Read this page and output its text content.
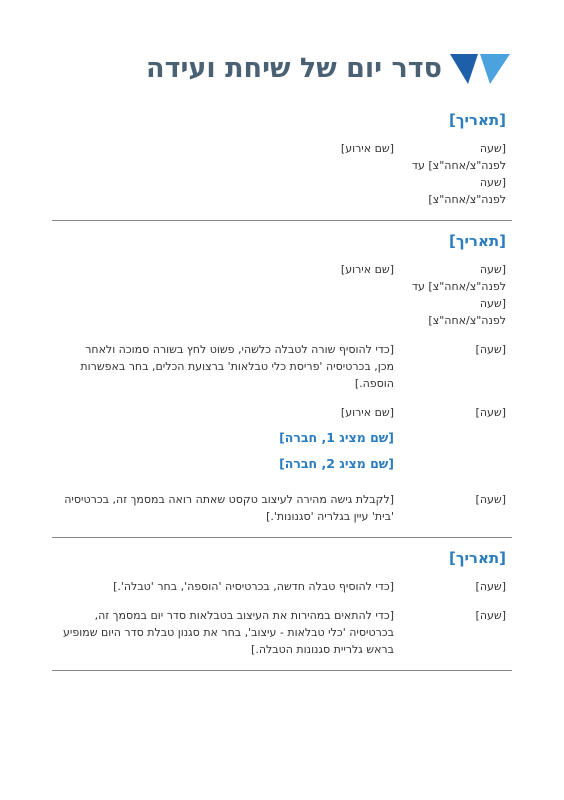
סדר יום של שיחת ועידה
[תאריך]
[שעה לפנה"צ/אחה"צ] עד [שעה לפנה"צ/אחה"צ]
[שם אירוע]
[תאריך]
[שעה לפנה"צ/אחה"צ] עד [שעה לפנה"צ/אחה"צ]
[שם אירוע]
[שעה]
[כדי להוסיף שורה לטבלה כלשהי, פשוט לחץ בשורה סמוכה ולאחר מכן, בכרטיסיה 'פריסת כלי טבלאות' ברצועת הכלים, בחר באפשרות הוספה.]
[שעה]
[שם אירוע]
[שם מציג 1, חברה]
[שם מציג 2, חברה]
[שעה]
[לקבלת גישה מהירה לעיצוב טקסט שאתה רואה במסמך זה, בכרטיסיה 'בית' עיין בגלריה 'סגנונות'.]
[תאריך]
[שעה]
[כדי להוסיף טבלה חדשה, בכרטיסיה 'הוספה', בחר 'טבלה'.]
[שעה]
[כדי להתאים במהירות את העיצוב בטבלאות סדר יום במסמך זה, בכרטיסיה 'כלי טבלאות - עיצוב', בחר את סגנון טבלת סדר היום שמופיע בראש גלריית סגנונות הטבלה.]
